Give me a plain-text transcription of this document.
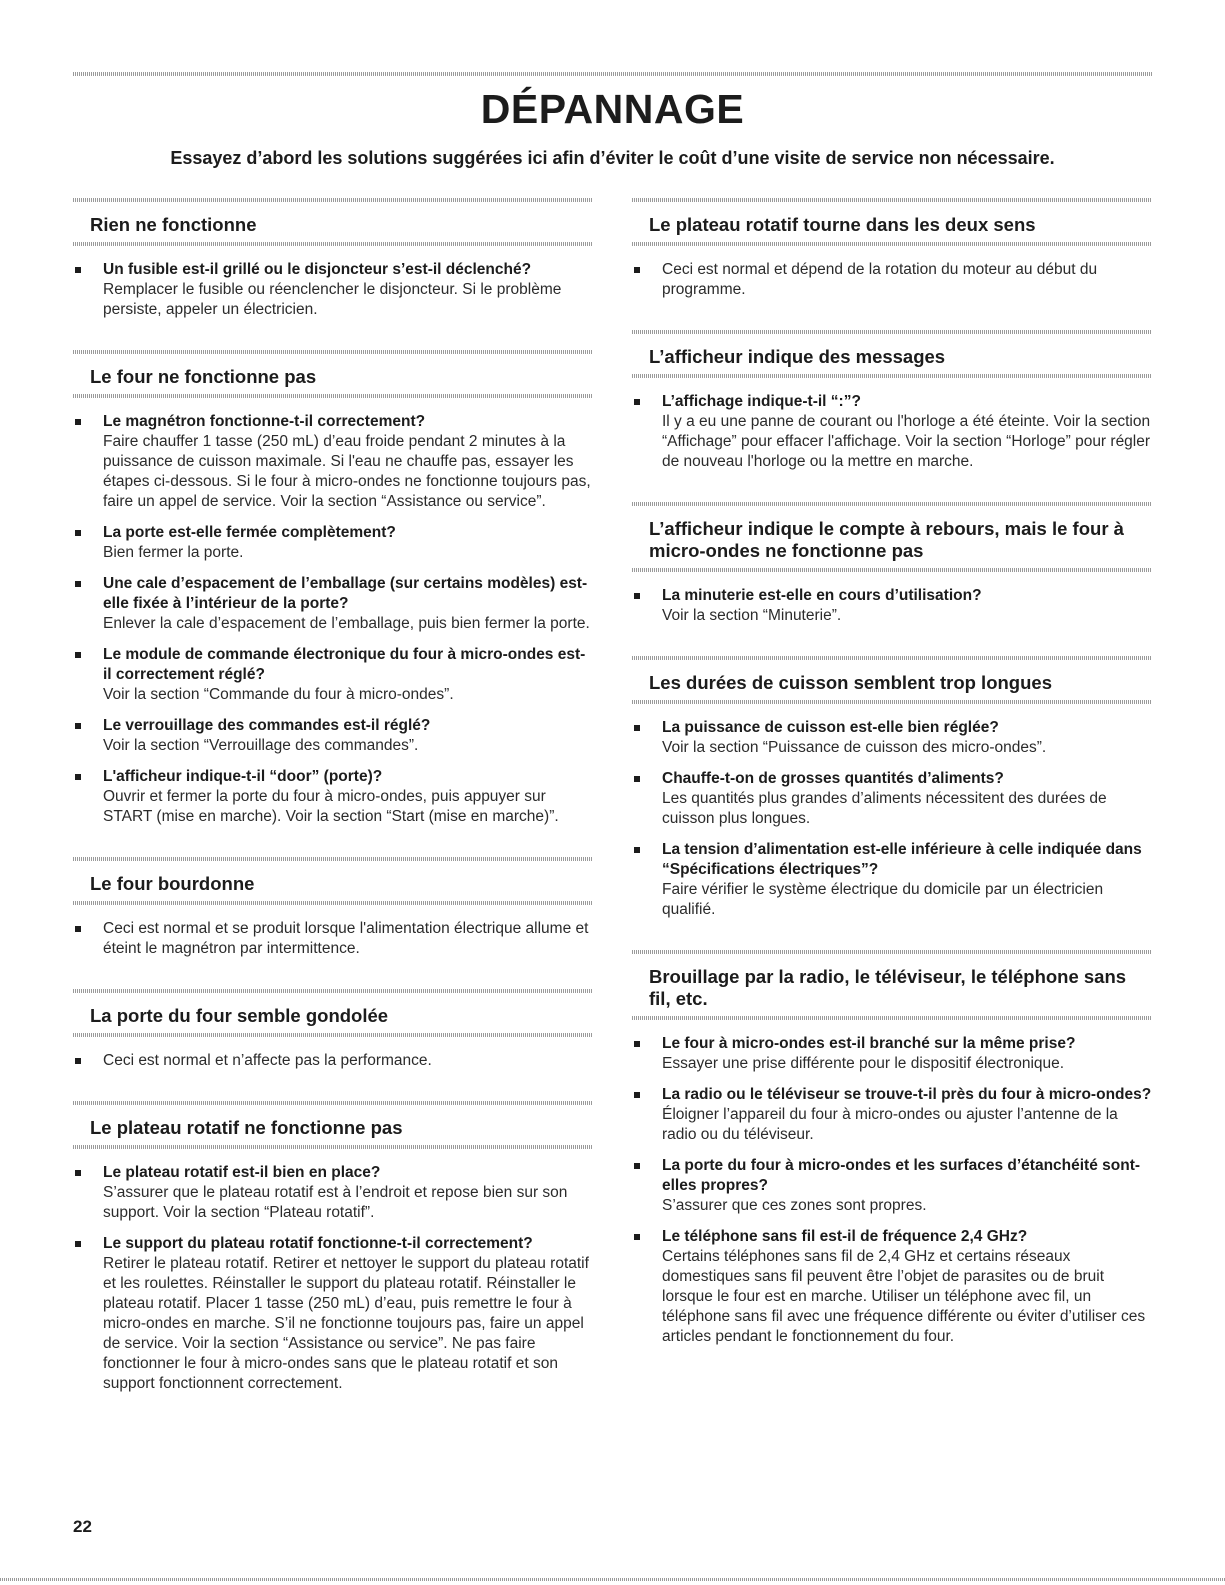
DÉPANNAGE

Essayez d’abord les solutions suggérées ici afin d’éviter le coût d’une visite de service non nécessaire.

Rien ne fonctionne
Un fusible est-il grillé ou le disjoncteur s’est-il déclenché?
Remplacer le fusible ou réenclencher le disjoncteur. Si le problème persiste, appeler un électricien.
Le four ne fonctionne pas
Le magnétron fonctionne-t-il correctement?
Faire chauffer 1 tasse (250 mL) d’eau froide pendant 2 minutes à la puissance de cuisson maximale. Si l'eau ne chauffe pas, essayer les étapes ci-dessous. Si le four à micro-ondes ne fonctionne toujours pas, faire un appel de service. Voir la section “Assistance ou service”.
La porte est-elle fermée complètement?
Bien fermer la porte.
Une cale d’espacement de l’emballage (sur certains modèles) est-elle fixée à l’intérieur de la porte?
Enlever la cale d’espacement de l’emballage, puis bien fermer la porte.
Le module de commande électronique du four à micro-ondes est-il correctement réglé?
Voir la section “Commande du four à micro-ondes”.
Le verrouillage des commandes est-il réglé?
Voir la section “Verrouillage des commandes”.
L'afficheur indique-t-il “door” (porte)?
Ouvrir et fermer la porte du four à micro-ondes, puis appuyer sur START (mise en marche). Voir la section “Start (mise en marche)”.
Le four bourdonne
Ceci est normal et se produit lorsque l'alimentation électrique allume et éteint le magnétron par intermittence.
La porte du four semble gondolée
Ceci est normal et n’affecte pas la performance.
Le plateau rotatif ne fonctionne pas
Le plateau rotatif est-il bien en place?
S’assurer que le plateau rotatif est à l’endroit et repose bien sur son support. Voir la section “Plateau rotatif”.
Le support du plateau rotatif fonctionne-t-il correctement?
Retirer le plateau rotatif. Retirer et nettoyer le support du plateau rotatif et les roulettes. Réinstaller le support du plateau rotatif. Réinstaller le plateau rotatif. Placer 1 tasse (250 mL) d’eau, puis remettre le four à micro-ondes en marche. S’il ne fonctionne toujours pas, faire un appel de service. Voir la section “Assistance ou service”. Ne pas faire fonctionner le four à micro-ondes sans que le plateau rotatif et son support fonctionnent correctement.
Le plateau rotatif tourne dans les deux sens
Ceci est normal et dépend de la rotation du moteur au début du programme.
L’afficheur indique des messages
L’affichage indique-t-il “:”?
Il y a eu une panne de courant ou l'horloge a été éteinte. Voir la section “Affichage” pour effacer l'affichage. Voir la section “Horloge” pour régler de nouveau l'horloge ou la mettre en marche.
L’afficheur indique le compte à rebours, mais le four à micro-ondes ne fonctionne pas
La minuterie est-elle en cours d’utilisation?
Voir la section “Minuterie”.
Les durées de cuisson semblent trop longues
La puissance de cuisson est-elle bien réglée?
Voir la section “Puissance de cuisson des micro-ondes”.
Chauffe-t-on de grosses quantités d’aliments?
Les quantités plus grandes d’aliments nécessitent des durées de cuisson plus longues.
La tension d’alimentation est-elle inférieure à celle indiquée dans “Spécifications électriques”?
Faire vérifier le système électrique du domicile par un électricien qualifié.
Brouillage par la radio, le téléviseur, le téléphone sans fil, etc.
Le four à micro-ondes est-il branché sur la même prise?
Essayer une prise différente pour le dispositif électronique.
La radio ou le téléviseur se trouve-t-il près du four à micro-ondes?
Éloigner l’appareil du four à micro-ondes ou ajuster l’antenne de la radio ou du téléviseur.
La porte du four à micro-ondes et les surfaces d’étanchéité sont-elles propres?
S’assurer que ces zones sont propres.
Le téléphone sans fil est-il de fréquence 2,4 GHz?
Certains téléphones sans fil de 2,4 GHz et certains réseaux domestiques sans fil peuvent être l’objet de parasites ou de bruit lorsque le four est en marche. Utiliser un téléphone avec fil, un téléphone sans fil avec une fréquence différente ou éviter d’utiliser ces articles pendant le fonctionnement du four.

22
